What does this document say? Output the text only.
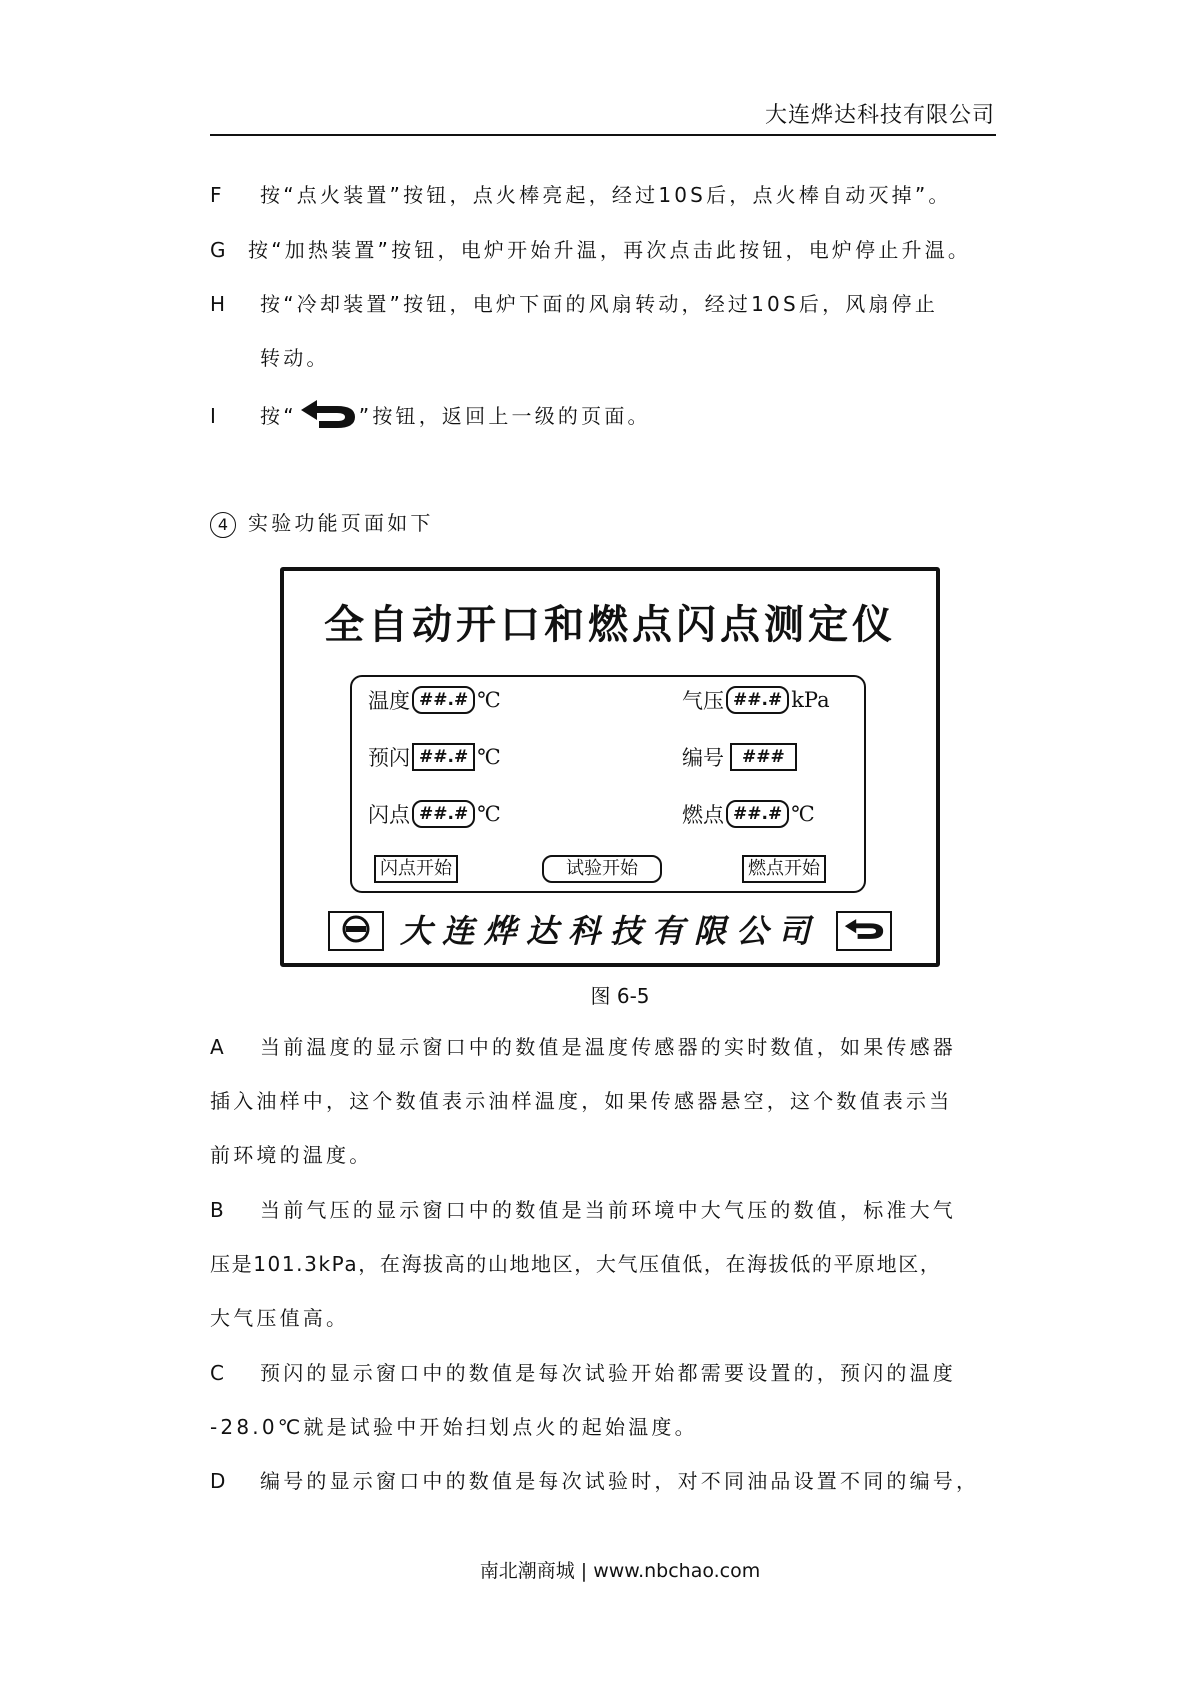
大连烨达科技有限公司
F 按“点火装置”按钮，点火棒亮起，经过10S后，点火棒自动灭掉”。
G 按“加热装置”按钮，电炉开始升温，再次点击此按钮，电炉停止升温。
H 按“冷却装置”按钮，电炉下面的风扇转动，经过10S后，风扇停止
转动。
I 按“	”按钮，返回上一级的页面。
4 实验功能页面如下
全自动开口和燃点闪点测定仪
温度 ##.# ℃	气压 ##.# kPa
预闪 ##.# ℃	编号	###
闪点 ##.# ℃	燃点 ##.# ℃
闪点开始	试验开始	燃点开始
大连烨达科技有限公司
图 6-5
A 当前温度的显示窗口中的数值是温度传感器的实时数值，如果传感器
插入油样中，这个数值表示油样温度，如果传感器悬空，这个数值表示当
前环境的温度。
B 当前气压的显示窗口中的数值是当前环境中大气压的数值，标准大气
压是101.3kPa，在海拔高的山地地区，大气压值低，在海拔低的平原地区，
大气压值高。
C 预闪的显示窗口中的数值是每次试验开始都需要设置的，预闪的温度
-28.0℃就是试验中开始扫划点火的起始温度。
D 编号的显示窗口中的数值是每次试验时，对不同油品设置不同的编号，
南北潮商城 | www.nbchao.com
